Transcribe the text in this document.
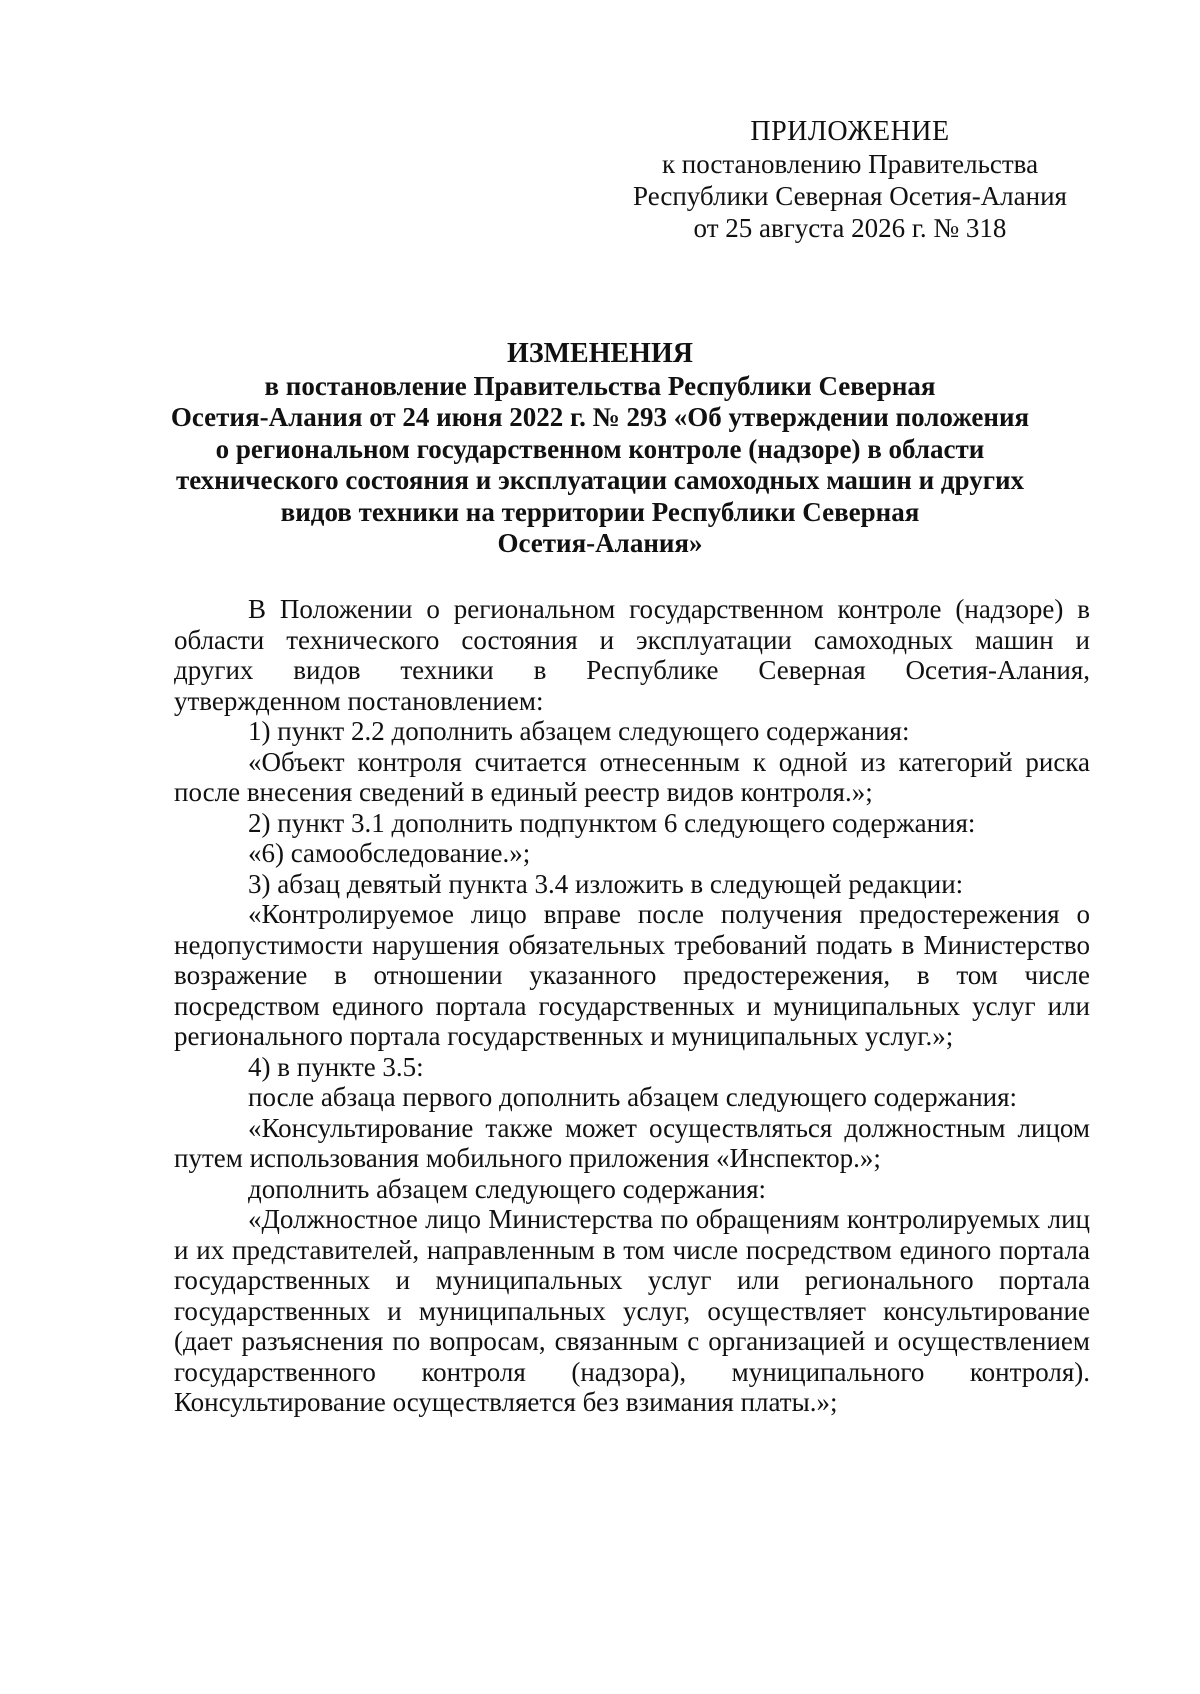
ПРИЛОЖЕНИЕ
к постановлению Правительства
Республики Северная Осетия-Алания
от 25 августа 2026 г. № 318
ИЗМЕНЕНИЯ
в постановление Правительства Республики Северная
Осетия-Алания от 24 июня 2022 г. № 293 «Об утверждении положения
о региональном государственном контроле (надзоре) в области
технического состояния и эксплуатации самоходных машин и других
видов техники на территории Республики Северная
Осетия-Алания»

В Положении о региональном государственном контроле (надзоре) в

области технического состояния и эксплуатации самоходных машин и

других видов техники в Республике Северная Осетия-Алания,

утвержденном постановлением:

1) пункт 2.2 дополнить абзацем следующего содержания:

«Объект контроля считается отнесенным к одной из категорий риска после внесения сведений в единый реестр видов контроля.»;

2) пункт 3.1 дополнить подпунктом 6 следующего содержания:

«6) самообследование.»;

3) абзац девятый пункта 3.4 изложить в следующей редакции:

«Контролируемое лицо вправе после получения предостережения о недопустимости нарушения обязательных требований подать в Министерство возражение в отношении указанного предостережения, в том числе посредством единого портала государственных и муниципальных услуг или регионального портала государственных и муниципальных услуг.»;

4) в пункте 3.5:

после абзаца первого дополнить абзацем следующего содержания:

«Консультирование также может осуществляться должностным лицом путем использования мобильного приложения «Инспектор.»;

дополнить абзацем следующего содержания:

«Должностное лицо Министерства по обращениям контролируемых лиц и их представителей, направленным в том числе посредством единого портала государственных и муниципальных услуг или регионального портала государственных и муниципальных услуг, осуществляет консультирование (дает разъяснения по вопросам, связанным с организацией и осуществлением государственного контроля (надзора), муниципального контроля). Консультирование осуществляется без взимания платы.»;
